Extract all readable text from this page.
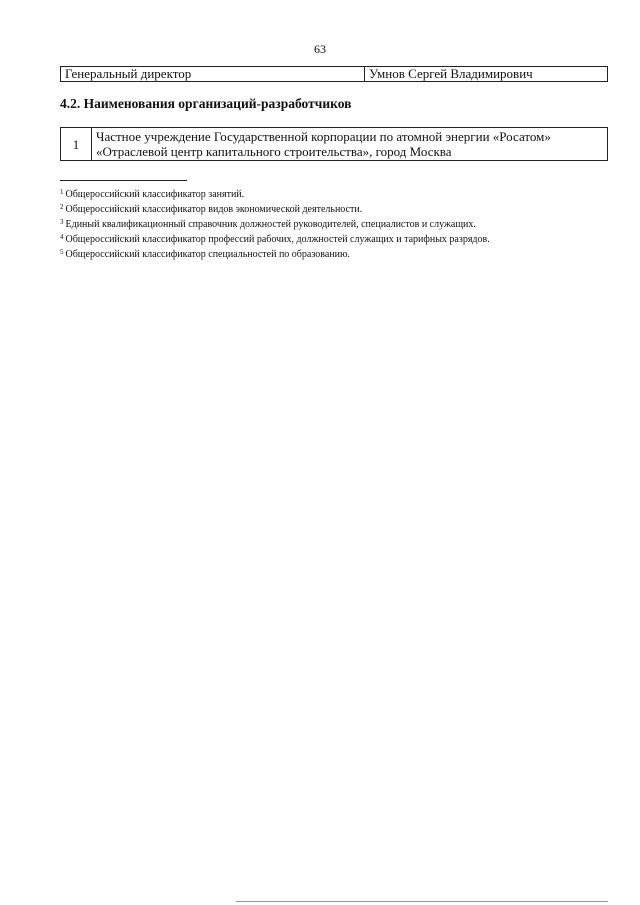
63
Генеральный директор	Умнов Сергей Владимирович
4.2. Наименования организаций-разработчиков
1	Частное учреждение Государственной корпорации по атомной энергии «Росатом»
«Отраслевой центр капитального строительства», город Москва
$^1$ Общероссийский классификатор занятий.
$^2$ Общероссийский классификатор видов экономической деятельности.
$^3$ Единый квалификационный справочник должностей руководителей, специалистов и служащих.
$^4$ Общероссийский классификатор профессий рабочих, должностей служащих и тарифных разрядов.
$^5$ Общероссийский классификатор специальностей по образованию.
